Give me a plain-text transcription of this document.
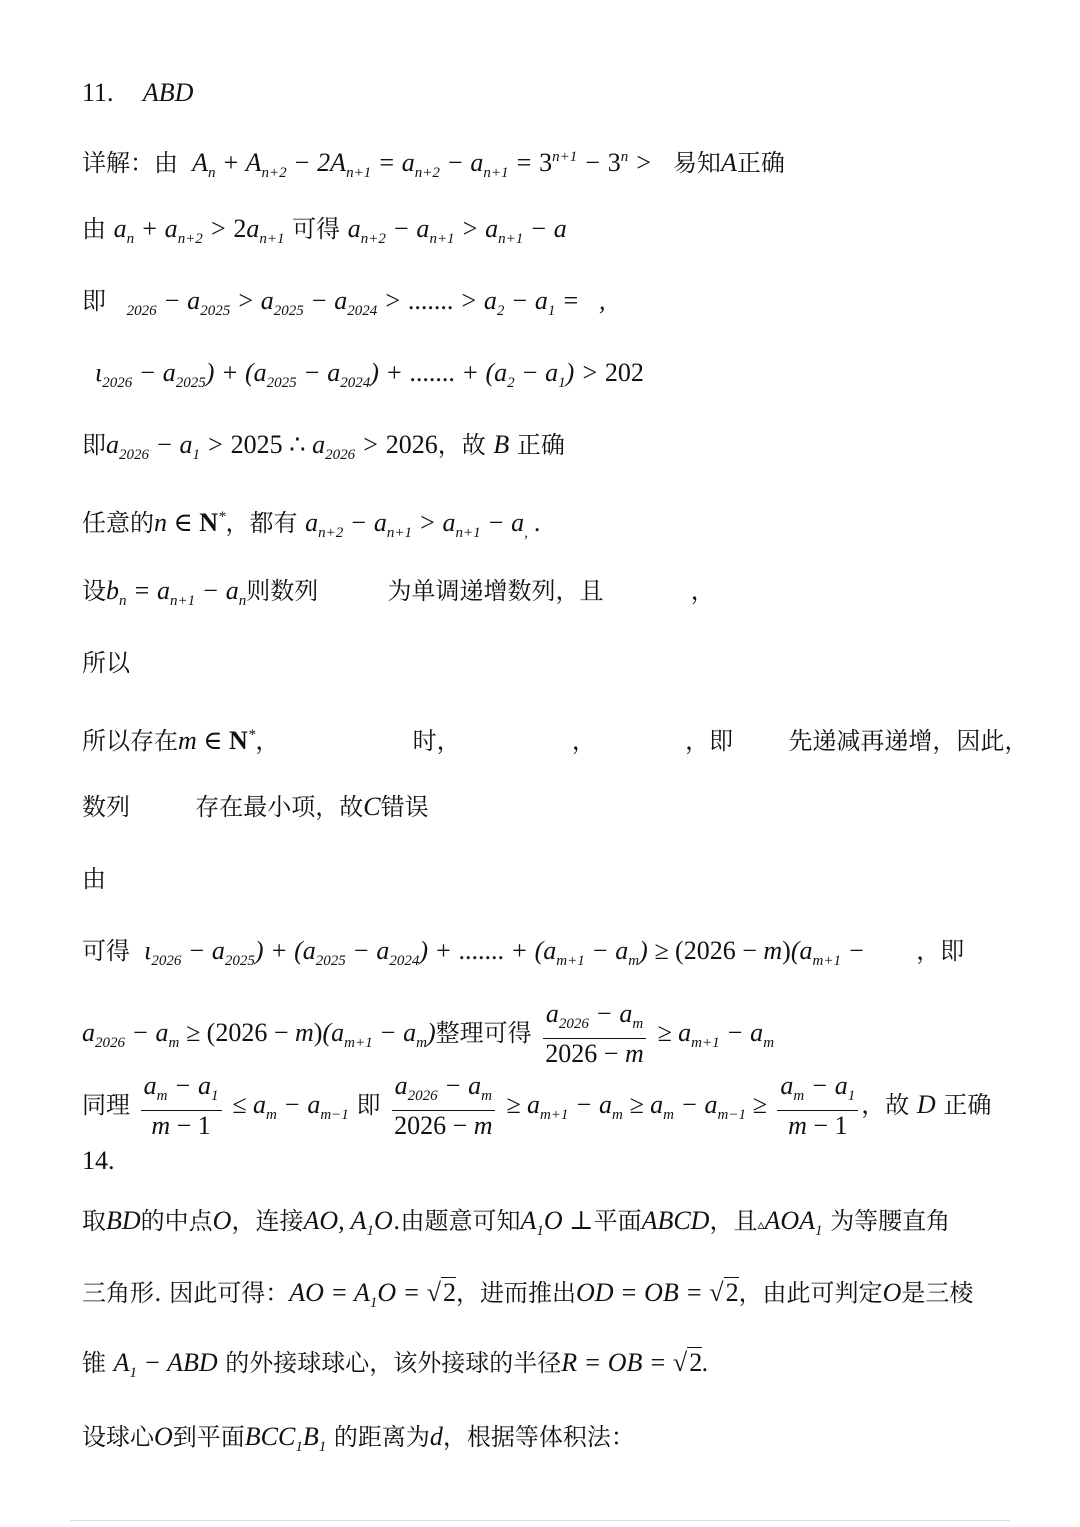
11. ABD
详解：由  $A_n + A_{n+2} - 2A_{n+1} = a_{n+2} - a_{n+1} = 3^{n+1} - 3^n$ >   易知A正确
由 $a_n + a_{n+2} > 2a_{n+1}$ 可得 $a_{n+2} - a_{n+1} > a_{n+1} - a$
即 $_{2026} - a_{2025} > a_{2025} - a_{2024}$ > ....... > $a_2 - a_1$ =   ,
$\iota_{2026} - a_{2025}) + (a_{2025} - a_{2024})$ + ....... + $(a_2 - a_1) > 202$
即$a_{2026} - a_1 > 2025$ ∴ $a_{2026} > 2026$，故 B 正确
任意的n ∈ N*，都有 $a_{n+2} - a_{n+1} > a_{n+1} - a_,$ .
设$b_n = a_{n+1} - a_n$则数列	为单调递增数列，且	，
所以
所以存在m ∈ N*，	时，	，	，即 先递减再递增，因此，
数列	存在最小项，故C错误
由
可得  $\iota_{2026} - a_{2025}) + (a_{2025} - a_{2024})$ + ....... + $(a_{m+1} - a_m) \ge (2026 - m)(a_{m+1}$ − ，即
$a_{2026} - a_m \ge (2026 - m)(a_{m+1} - a_m)$整理可得 $\frac{a_{2026} - a_m}{2026 - m} \ge a_{m+1} - a_m$
同理 $\frac{a_m - a_1}{m - 1} \le a_m - a_{m-1}$ 即 $\frac{a_{2026} - a_m}{2026 - m} \ge a_{m+1} - a_m \ge a_m - a_{m-1} \ge \frac{a_m - a_1}{m - 1}$ ，故 D 正确
14.
取BD的中点O，连接AO, $A_1O$.由题意可知$A_1O$ ⊥平面ABCD，且$▵AOA_1$ 为等腰直角
三角形. 因此可得：AO = $A_1O = √2$，进而推出OD = OB = √2，由此可判定O是三棱
锥 $A_1$ − ABD 的外接球球心，该外接球的半径R = OB = √2.
设球心O到平面$BCC_1B_1$ 的距离为d，根据等体积法：
